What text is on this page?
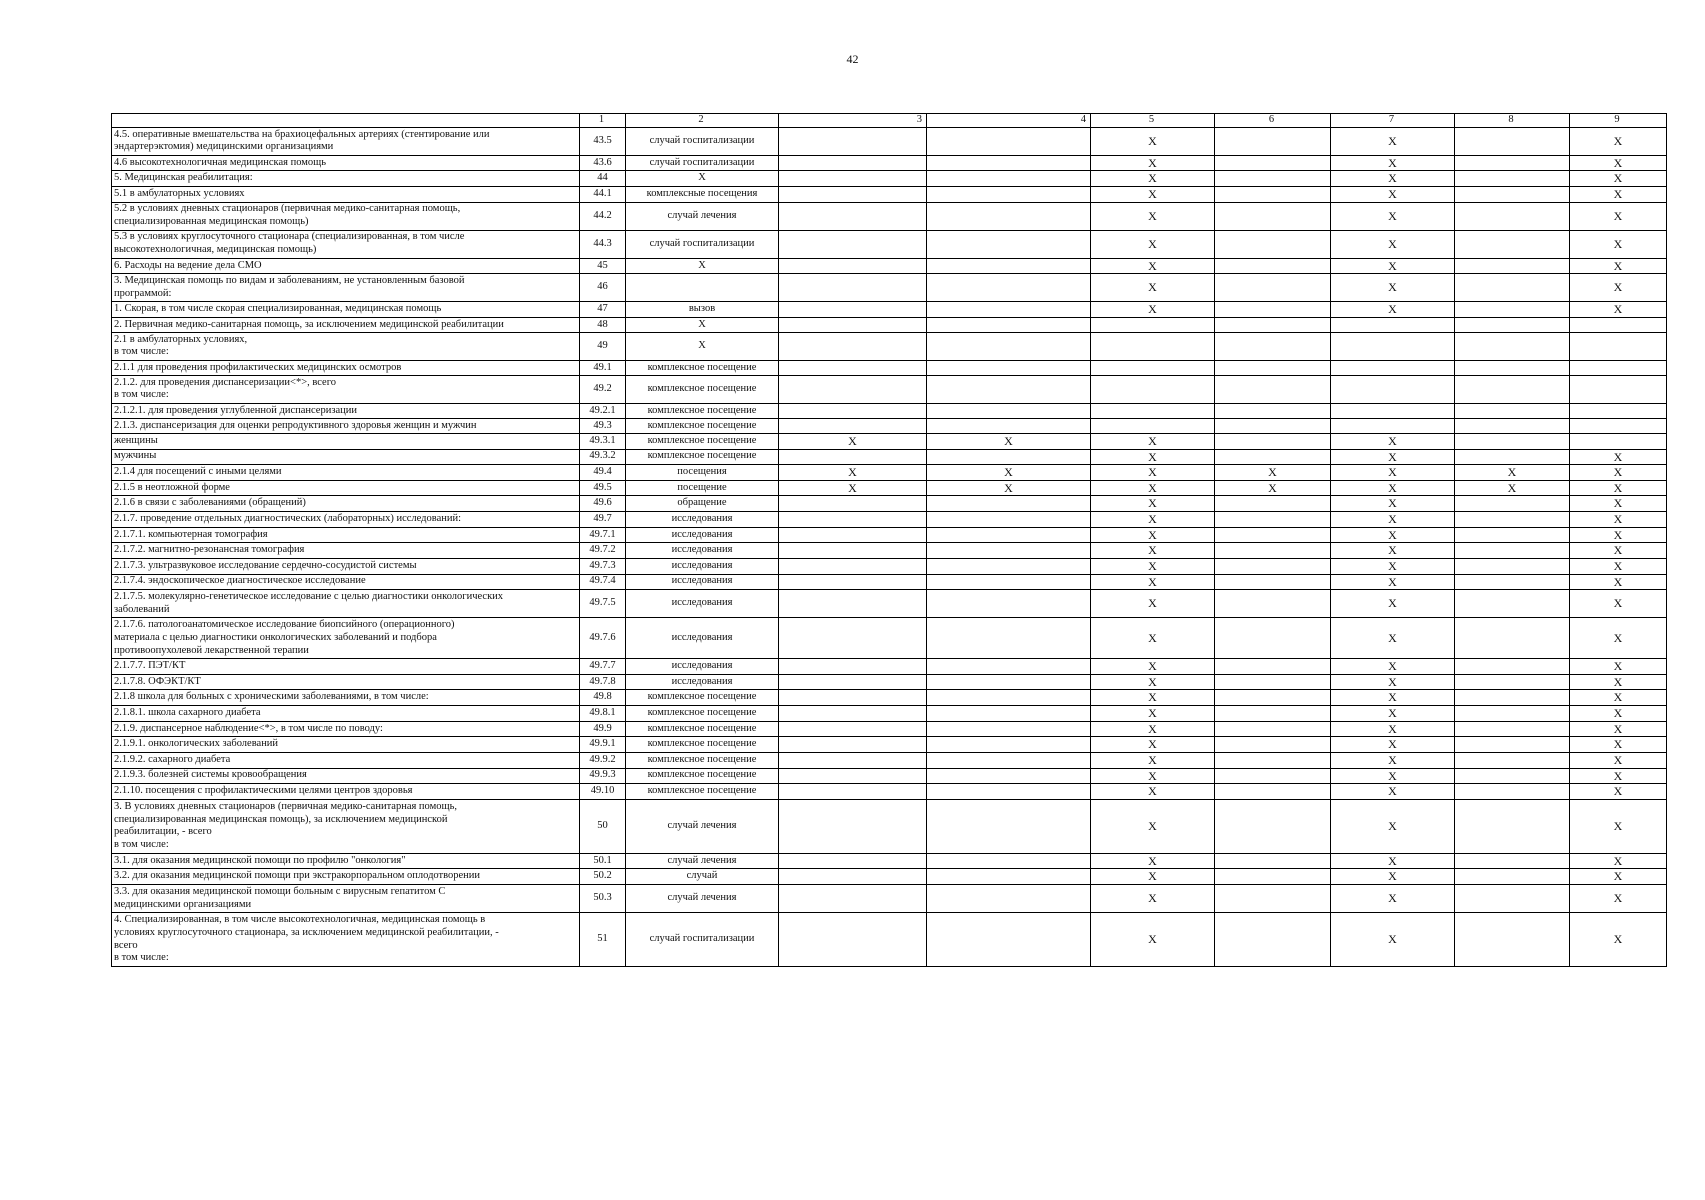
42
	1	2	3	4	5	6	7	8	9

4.5. оперативные вмешательства на брахиоцефальных артериях (стентирование или
эндартерэктомия) медицинскими организациями	43.5	случай госпитализации			X		X		X

4.6 высокотехнологичная медицинская помощь	43.6	случай госпитализации			X		X		X

5. Медицинская реабилитация:	44	X			X		X		X

5.1 в амбулаторных условиях	44.1	комплексные посещения			X		X		X

5.2 в условиях дневных стационаров (первичная медико-санитарная помощь,
специализированная медицинская помощь)	44.2	случай лечения			X		X		X

5.3 в условиях круглосуточного стационара (специализированная, в том числе
высокотехнологичная, медицинская помощь)	44.3	случай госпитализации			X		X		X

6. Расходы на ведение дела СМО	45	X			X		X		X

3. Медицинская помощь по видам и заболеваниям, не установленным базовой
программой:	46				X		X		X

1. Скорая, в том числе скорая специализированная, медицинская помощь	47	вызов			X		X		X

2. Первичная медико-санитарная помощь, за исключением медицинской реабилитации	48	X							

2.1 в амбулаторных условиях,
в том числе:	49	X							

2.1.1 для проведения профилактических медицинских осмотров	49.1	комплексное посещение							

2.1.2. для проведения диспансеризации<*>, всего
в том числе:	49.2	комплексное посещение							

2.1.2.1. для проведения углубленной диспансеризации	49.2.1	комплексное посещение							

2.1.3. диспансеризация для оценки репродуктивного здоровья женщин и мужчин	49.3	комплексное посещение							

женщины	49.3.1	комплексное посещение	X	X	X		X		

мужчины	49.3.2	комплексное посещение			X		X		X

2.1.4 для посещений с иными целями	49.4	посещения	X	X	X	X	X	X	X

2.1.5 в неотложной форме	49.5	посещение	X	X	X	X	X	X	X

2.1.6 в связи с заболеваниями (обращений)	49.6	обращение			X		X		X

2.1.7. проведение отдельных диагностических (лабораторных) исследований:	49.7	исследования			X		X		X

2.1.7.1. компьютерная томография	49.7.1	исследования			X		X		X

2.1.7.2. магнитно-резонансная томография	49.7.2	исследования			X		X		X

2.1.7.3. ультразвуковое исследование сердечно-сосудистой системы	49.7.3	исследования			X		X		X

2.1.7.4. эндоскопическое диагностическое исследование	49.7.4	исследования			X		X		X

2.1.7.5. молекулярно-генетическое исследование с целью диагностики онкологических
заболеваний	49.7.5	исследования			X		X		X

2.1.7.6. патологоанатомическое исследование биопсийного (операционного)
материала с целью диагностики онкологических заболеваний и подбора
противоопухолевой лекарственной терапии	49.7.6	исследования			X		X		X

2.1.7.7. ПЭТ/КТ	49.7.7	исследования			X		X		X

2.1.7.8. ОФЭКТ/КТ	49.7.8	исследования			X		X		X

2.1.8 школа для больных с хроническими заболеваниями, в том числе:	49.8	комплексное посещение			X		X		X

2.1.8.1. школа сахарного диабета	49.8.1	комплексное посещение			X		X		X

2.1.9. диспансерное наблюдение<*>, в том числе по поводу:	49.9	комплексное посещение			X		X		X

2.1.9.1. онкологических заболеваний	49.9.1	комплексное посещение			X		X		X

2.1.9.2. сахарного диабета	49.9.2	комплексное посещение			X		X		X

2.1.9.3. болезней системы кровообращения	49.9.3	комплексное посещение			X		X		X

2.1.10. посещения с профилактическими целями центров здоровья	49.10	комплексное посещение			X		X		X

3. В условиях дневных стационаров (первичная медико-санитарная помощь,
специализированная медицинская помощь), за исключением медицинской
реабилитации, - всего
в том числе:	50	случай лечения			X		X		X

3.1. для оказания медицинской помощи по профилю "онкология"	50.1	случай лечения			X		X		X

3.2. для оказания медицинской помощи при экстракорпоральном оплодотворении	50.2	случай			X		X		X

3.3. для оказания медицинской помощи больным с вирусным гепатитом С
медицинскими организациями	50.3	случай лечения			X		X		X

4. Специализированная, в том числе высокотехнологичная, медицинская помощь в
условиях круглосуточного стационара, за исключением медицинской реабилитации, -
всего
в том числе:	51	случай госпитализации			X		X		X
